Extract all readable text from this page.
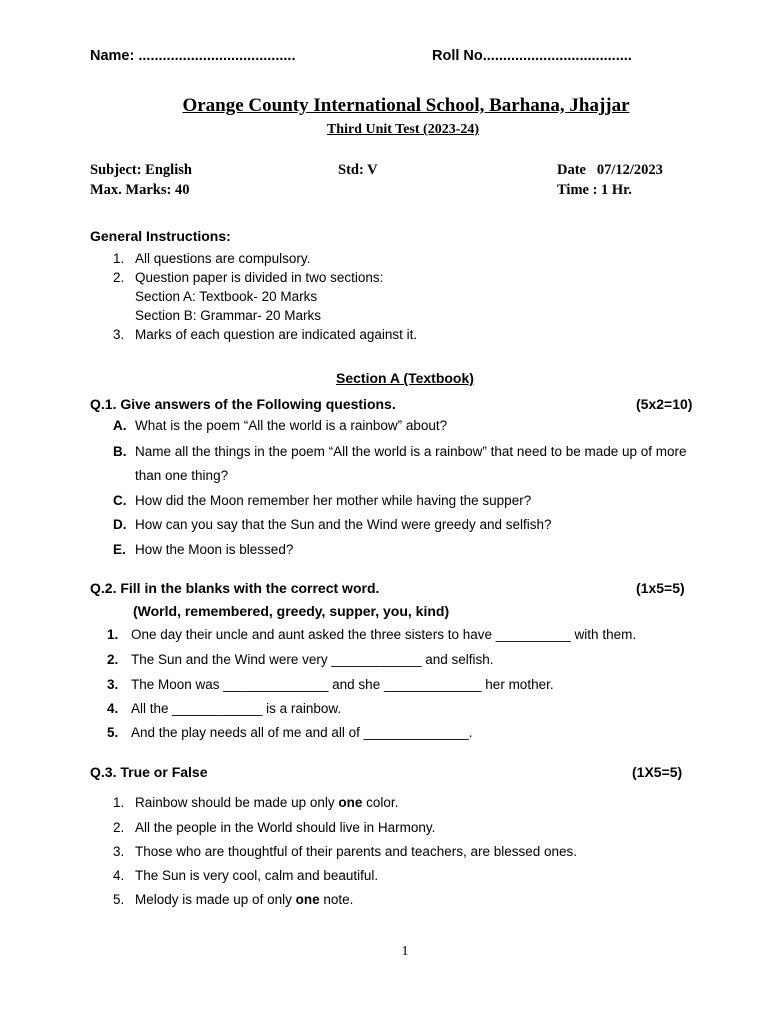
Name: .......................................	Roll No.....................................
Orange County International School, Barhana, Jhajjar
Third Unit Test (2023-24)
Subject: English	Std: V	Date   07/12/2023
Max. Marks: 40	Time : 1 Hr.
General Instructions:
1. All questions are compulsory.
2. Question paper is divided in two sections:
Section A: Textbook- 20 Marks
Section B: Grammar- 20 Marks
3. Marks of each question are indicated against it.
Section A (Textbook)
Q.1. Give answers of the Following questions.	(5x2=10)
A. What is the poem “All the world is a rainbow” about?
B. Name all the things in the poem “All the world is a rainbow” that need to be made up of more
than one thing?
C. How did the Moon remember her mother while having the supper?
D. How can you say that the Sun and the Wind were greedy and selfish?
E. How the Moon is blessed?
Q.2. Fill in the blanks with the correct word.	(1x5=5)
(World, remembered, greedy, supper, you, kind)
1. One day their uncle and aunt asked the three sisters to have __________ with them.
2. The Sun and the Wind were very ____________ and selfish.
3. The Moon was ______________ and she _____________ her mother.
4. All the ____________ is a rainbow.
5. And the play needs all of me and all of ______________.
Q.3. True or False	(1X5=5)
1. Rainbow should be made up only one color.
2. All the people in the World should live in Harmony.
3. Those who are thoughtful of their parents and teachers, are blessed ones.
4. The Sun is very cool, calm and beautiful.
5. Melody is made up of only one note.
1
